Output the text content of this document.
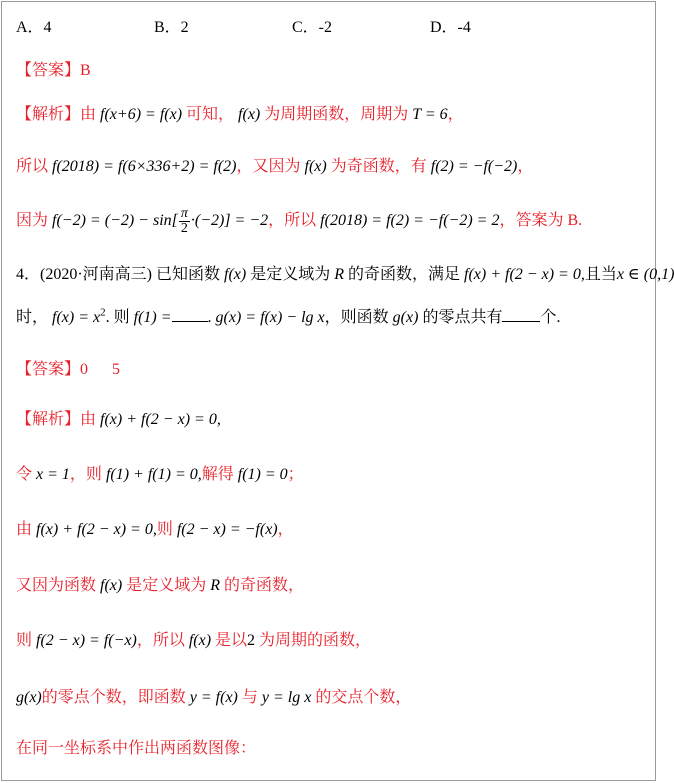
A．4	B．2	C．-2	D．-4
【答案】B
【解析】由 f(x+6) = f(x) 可知， f(x) 为周期函数，周期为 T = 6，
所以 f(2018) = f(6×336+2) = f(2)，又因为 f(x) 为奇函数，有 f(2) = −f(−2)，
因为 $f(-2) = (-2) - \sin[ \frac{\pi}{2} \cdot(-2)] = -2$，所以 f(2018) = f(2) = −f(−2) = 2，答案为 B.
4．(2020·河南高三) 已知函数 f(x) 是定义域为 R 的奇函数，满足 f(x) + f(2 − x) = 0,且当x ∈ (0,1)
时， $f(x) = x^2$. 则 f(1) = . g(x) = f(x) − lg x，则函数 g(x) 的零点共有 个.
【答案】0      5
【解析】由 f(x) + f(2 − x) = 0,
令 x = 1，则 f(1) + f(1) = 0,解得 f(1) = 0；
由 f(x) + f(2 − x) = 0,则 f(2 − x) = −f(x)，
又因为函数 f(x) 是定义域为 R 的奇函数，
则 f(2 − x) = f(−x)，所以 f(x) 是以2 为周期的函数，
g(x)的零点个数，即函数 y = f(x) 与 y = lg x 的交点个数，
在同一坐标系中作出两函数图像：
